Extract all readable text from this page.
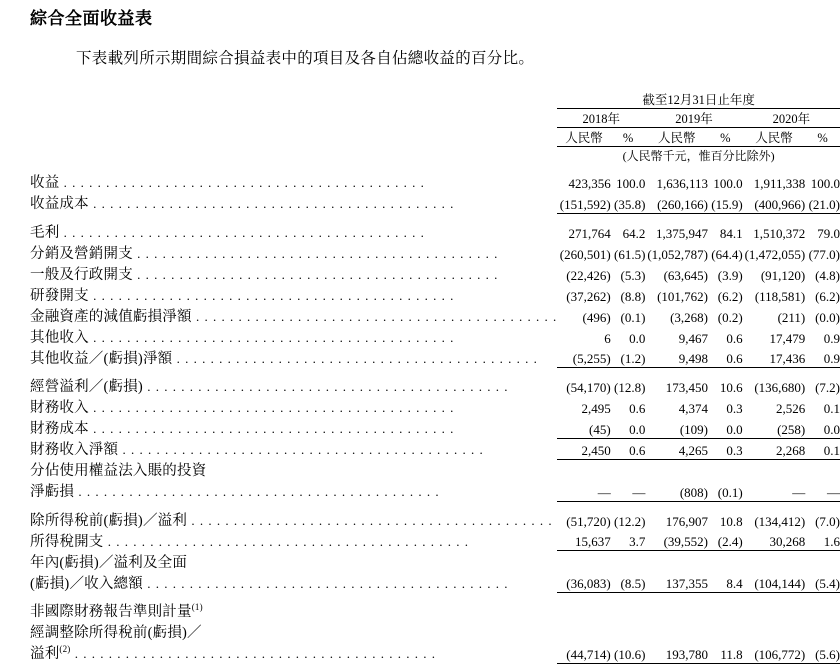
綜合全面收益表
下表載列所示期間綜合損益表中的項目及各自佔總收益的百分比。
	截至12月31日止年度					
	2018年		2019年		2020年	
	人民幣	%	人民幣	%	人民幣	%
	(人民幣千元，惟百分比除外)					

收益 . . . . . . . . . . . . . . . . . . . . . . . . . . . . . . . . . . . . . . . . . . .	423,356	100.0	1,636,113	100.0	1,911,338	100.0
收益成本 . . . . . . . . . . . . . . . . . . . . . . . . . . . . . . . . . . . . . . . . . . .	(151,592)	(35.8)	(260,166)	(15.9)	(400,966)	(21.0)

毛利 . . . . . . . . . . . . . . . . . . . . . . . . . . . . . . . . . . . . . . . . . . .	271,764	64.2	1,375,947	84.1	1,510,372	79.0
分銷及營銷開支 . . . . . . . . . . . . . . . . . . . . . . . . . . . . . . . . . . . . . . . . . . .	(260,501)	(61.5)	(1,052,787)	(64.4)	(1,472,055)	(77.0)
一般及行政開支 . . . . . . . . . . . . . . . . . . . . . . . . . . . . . . . . . . . . . . . . . . .	(22,426)	(5.3)	(63,645)	(3.9)	(91,120)	(4.8)
研發開支 . . . . . . . . . . . . . . . . . . . . . . . . . . . . . . . . . . . . . . . . . . .	(37,262)	(8.8)	(101,762)	(6.2)	(118,581)	(6.2)
金融資產的減值虧損淨額 . . . . . . . . . . . . . . . . . . . . . . . . . . . . . . . . . . . . . . . . . . .	(496)	(0.1)	(3,268)	(0.2)	(211)	(0.0)
其他收入 . . . . . . . . . . . . . . . . . . . . . . . . . . . . . . . . . . . . . . . . . . .	6	0.0	9,467	0.6	17,479	0.9
其他收益／(虧損)淨額 . . . . . . . . . . . . . . . . . . . . . . . . . . . . . . . . . . . . . . . . . . .	(5,255)	(1.2)	9,498	0.6	17,436	0.9

經營溢利／(虧損) . . . . . . . . . . . . . . . . . . . . . . . . . . . . . . . . . . . . . . . . . . .	(54,170)	(12.8)	173,450	10.6	(136,680)	(7.2)
財務收入 . . . . . . . . . . . . . . . . . . . . . . . . . . . . . . . . . . . . . . . . . . .	2,495	0.6	4,374	0.3	2,526	0.1
財務成本 . . . . . . . . . . . . . . . . . . . . . . . . . . . . . . . . . . . . . . . . . . .	(45)	0.0	(109)	0.0	(258)	0.0
財務收入淨額 . . . . . . . . . . . . . . . . . . . . . . . . . . . . . . . . . . . . . . . . . . .	2,450	0.6	4,265	0.3	2,268	0.1
分佔使用權益法入賬的投資						
淨虧損 . . . . . . . . . . . . . . . . . . . . . . . . . . . . . . . . . . . . . . . . . . .	—	—	(808)	(0.1)	—	—

除所得稅前(虧損)／溢利 . . . . . . . . . . . . . . . . . . . . . . . . . . . . . . . . . . . . . . . . . . .	(51,720)	(12.2)	176,907	10.8	(134,412)	(7.0)
所得稅開支 . . . . . . . . . . . . . . . . . . . . . . . . . . . . . . . . . . . . . . . . . . .	15,637	3.7	(39,552)	(2.4)	30,268	1.6
年內(虧損)／溢利及全面						
(虧損)／收入總額 . . . . . . . . . . . . . . . . . . . . . . . . . . . . . . . . . . . . . . . . . . .	(36,083)	(8.5)	137,355	8.4	(104,144)	(5.4)

非國際財務報告準則計量$^{(1)}$						
經調整除所得稅前(虧損)／						
溢利$^{(2)}$ . . . . . . . . . . . . . . . . . . . . . . . . . . . . . . . . . . . . . . . . . . .	(44,714)	(10.6)	193,780	11.8	(106,772)	(5.6)
